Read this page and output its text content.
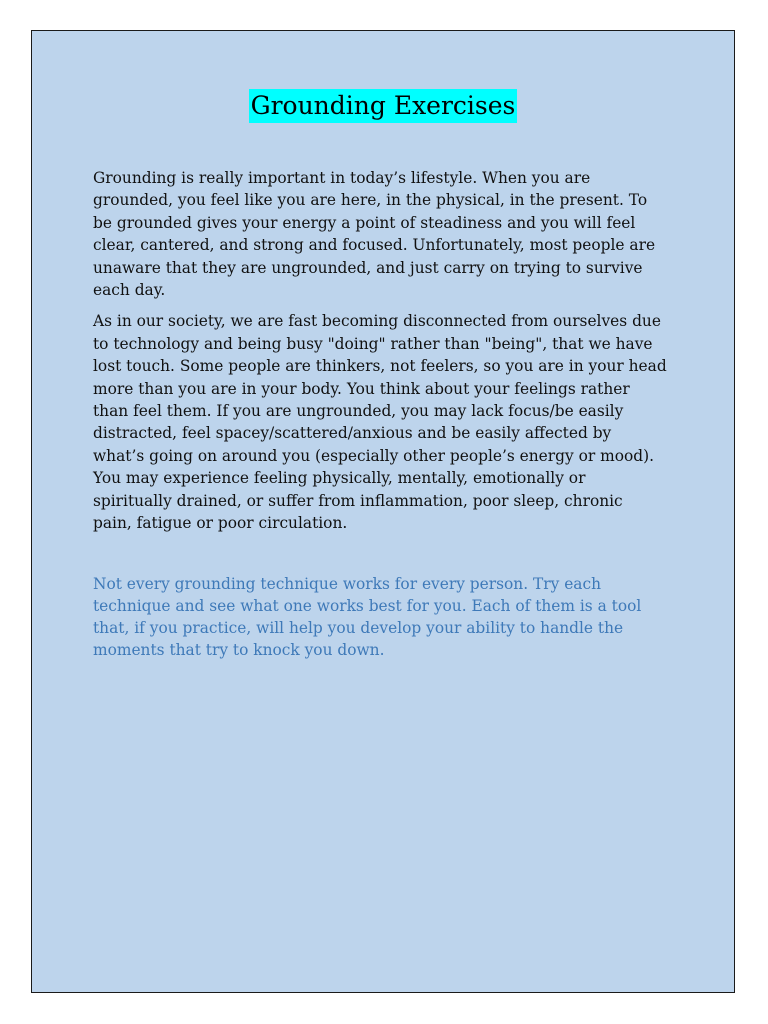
Grounding Exercises

Grounding is really important in today’s lifestyle. When you are
grounded, you feel like you are here, in the physical, in the present. To
be grounded gives your energy a point of steadiness and you will feel
clear, cantered, and strong and focused. Unfortunately, most people are
unaware that they are ungrounded, and just carry on trying to survive
each day.

As in our society, we are fast becoming disconnected from ourselves due
to technology and being busy "doing" rather than "being", that we have
lost touch. Some people are thinkers, not feelers, so you are in your head
more than you are in your body. You think about your feelings rather
than feel them. If you are ungrounded, you may lack focus/be easily
distracted, feel spacey/scattered/anxious and be easily affected by
what’s going on around you (especially other people’s energy or mood).
You may experience feeling physically, mentally, emotionally or
spiritually drained, or suffer from inflammation, poor sleep, chronic
pain, fatigue or poor circulation.

Not every grounding technique works for every person. Try each
technique and see what one works best for you. Each of them is a tool
that, if you practice, will help you develop your ability to handle the
moments that try to knock you down.
